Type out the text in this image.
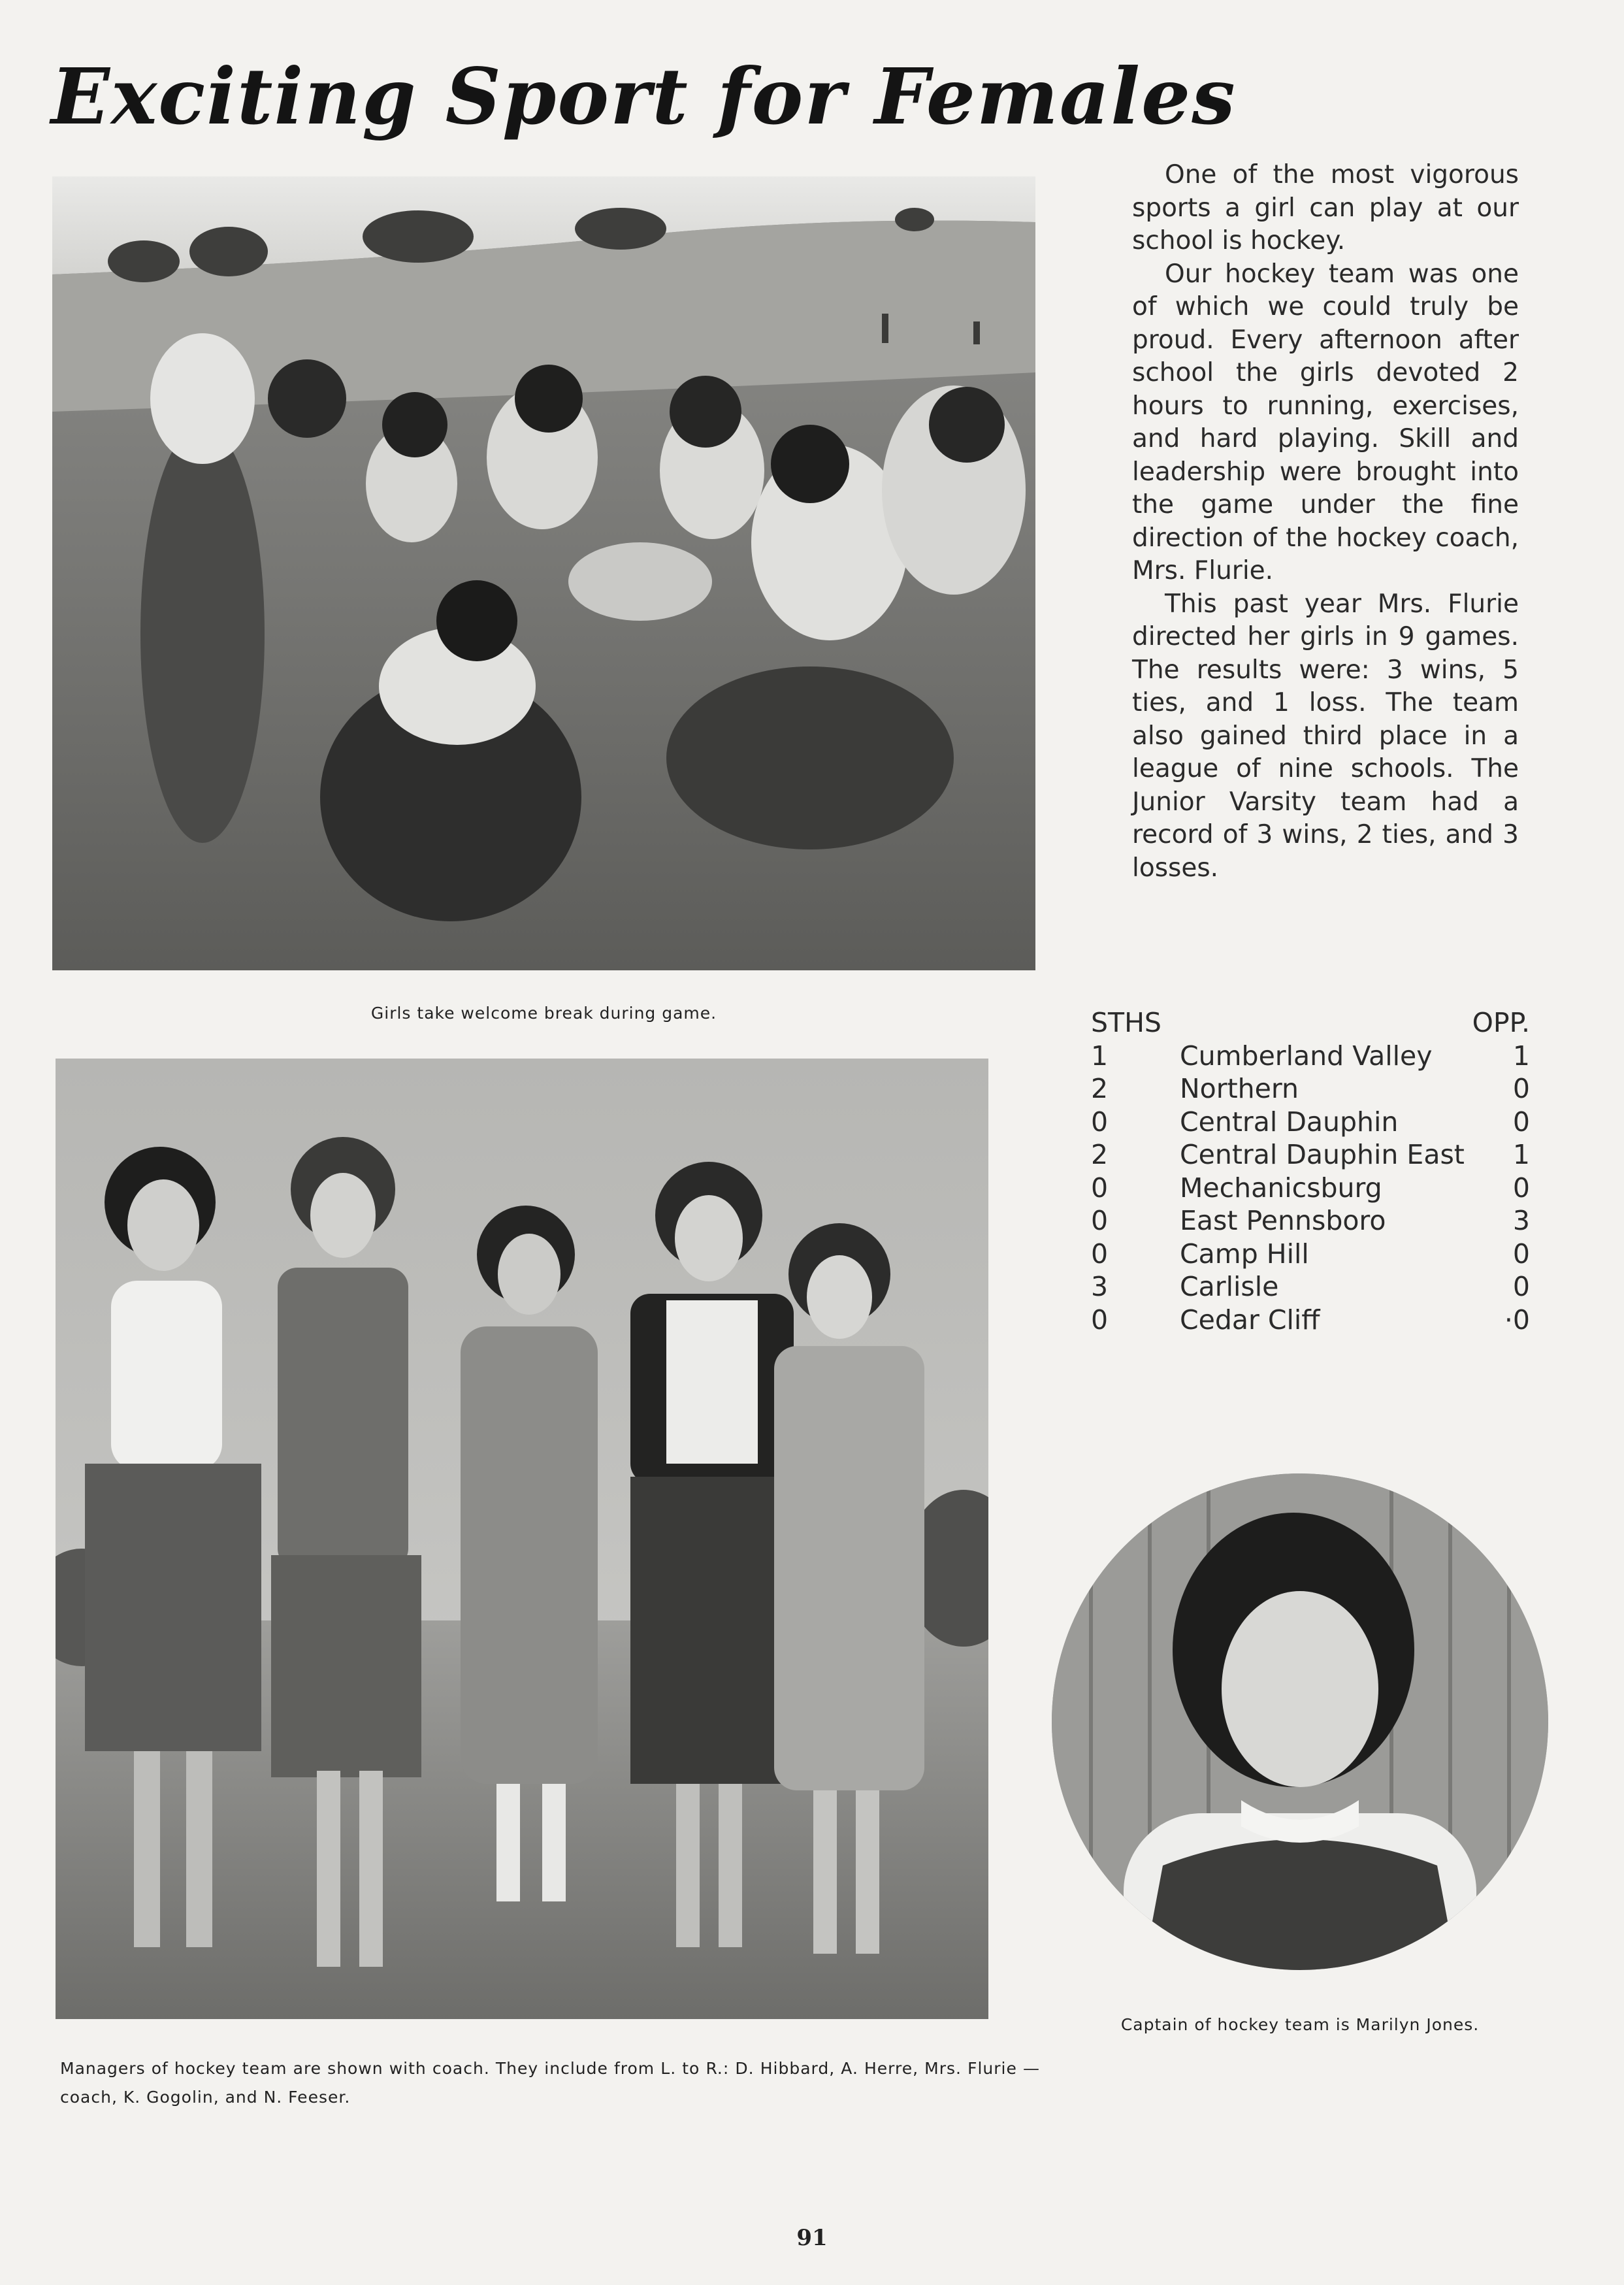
Exciting Sport for Females
Girls take welcome break during game.

One of the most vigorous sports a girl can play at our school is hockey.

Our hockey team was one of which we could truly be proud. Every afternoon after school the girls devoted 2 hours to running, exercises, and hard playing. Skill and leadership were brought into the game under the fine direction of the hockey coach, Mrs. Flurie.

This past year Mrs. Flurie directed her girls in 9 games. The results were: 3 wins, 5 ties, and 1 loss. The team also gained third place in a league of nine schools. The Junior Varsity team had a record of 3 wins, 2 ties, and 3 losses.

STHS	OPP.
1	Cumberland Valley	1
2	Northern	0
0	Central Dauphin	0
2	Central Dauphin East 1
0	Mechanicsburg	0
0	East Pennsboro	3
0	Camp Hill	0
3	Carlisle	0
0	Cedar Cliff	·0
Managers of hockey team are shown with coach. They include from L. to R.: D. Hibbard, A. Herre, Mrs. Flurie — coach, K. Gogolin, and N. Feeser.
Captain of hockey team is Marilyn Jones.
91
